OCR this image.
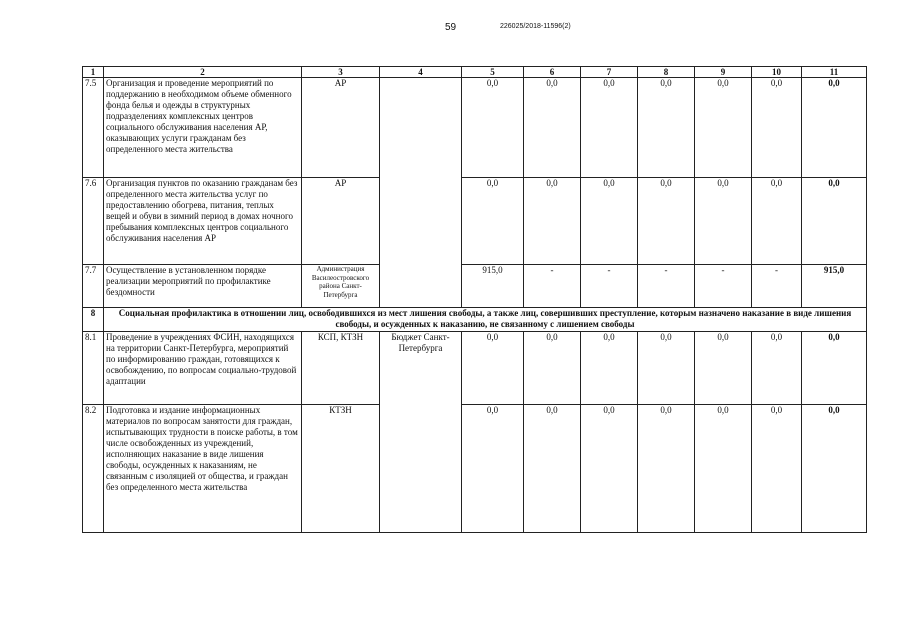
59	226025/2018-11596(2)
1	2	3	4	5	6	7	8	9	10	11
7.5	Организация и проведение мероприятий по поддержанию в необходимом объеме обменного фонда белья и одежды в структурных подразделениях комплексных центров социального обслуживания населения АР, оказывающих услуги гражданам без определенного места жительства	АР		0,0	0,0	0,0	0,0	0,0	0,0	0,0
7.6	Организация пунктов по оказанию гражданам без определенного места жительства услуг по предоставлению обогрева, питания, теплых вещей и обуви в зимний период в домах ночного пребывания комплексных центров социального обслуживания населения АР	АР		0,0	0,0	0,0	0,0	0,0	0,0	0,0
7.7	Осуществление в установленном порядке реализации мероприятий по профилактике бездомности	Администрация Василеостровского района Санкт-Петербурга		915,0	-	-	-	-	-	915,0
8	Социальная профилактика в отношении лиц, освободившихся из мест лишения свободы, а также лиц, совершивших преступление, которым назначено наказание в виде лишения свободы, и осужденных к наказанию, не связанному с лишением свободы									
8.1	Проведение в учреждениях ФСИН, находящихся на территории Санкт-Петербурга, мероприятий по информированию граждан, готовящихся к освобождению, по вопросам социально-трудовой адаптации	КСП, КТЗН	Бюджет Санкт-Петербурга	0,0	0,0	0,0	0,0	0,0	0,0	0,0
8.2	Подготовка и издание информационных материалов по вопросам занятости для граждан, испытывающих трудности в поиске работы, в том числе освобожденных из учреждений, исполняющих наказание в виде лишения свободы, осужденных к наказаниям, не связанным с изоляцией от общества, и граждан без определенного места жительства	КТЗН		0,0	0,0	0,0	0,0	0,0	0,0	0,0
